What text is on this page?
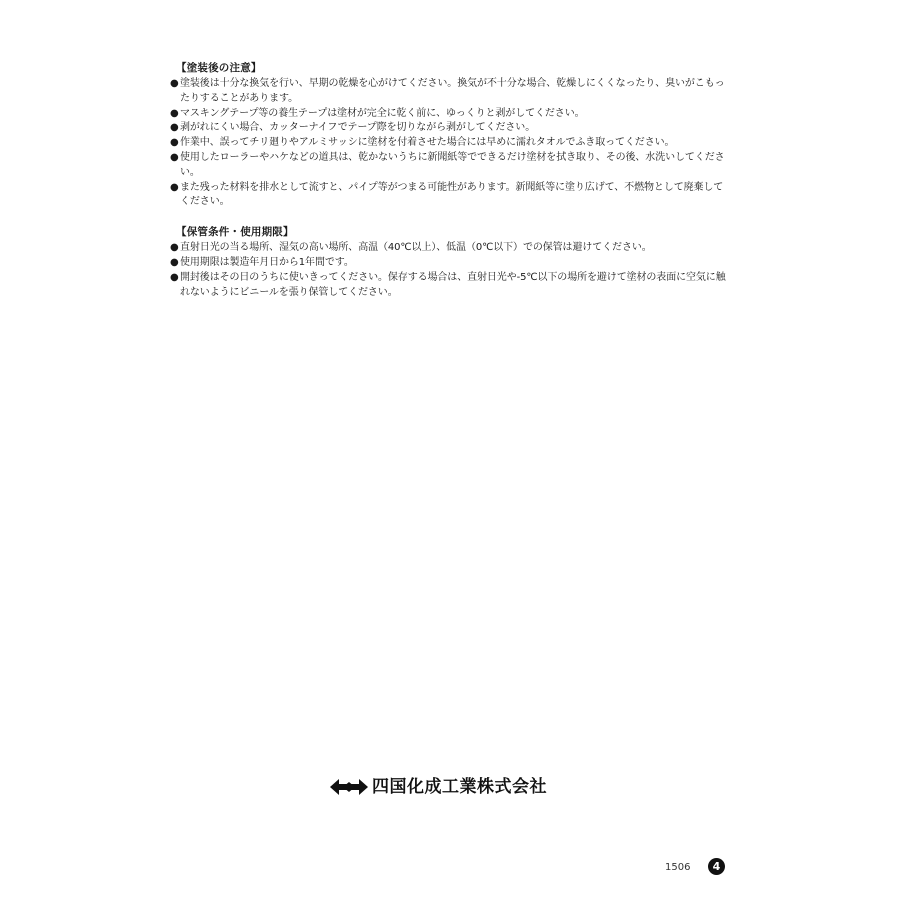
【塗装後の注意】
● 塗装後は十分な換気を行い、早期の乾燥を心がけてください。換気が不十分な場合、乾燥しにくくなったり、臭いがこもったりすることがあります。
● マスキングテープ等の養生テープは塗材が完全に乾く前に、ゆっくりと剥がしてください。
● 剥がれにくい場合、カッターナイフでテープ際を切りながら剥がしてください。
● 作業中、誤ってチリ廻りやアルミサッシに塗材を付着させた場合には早めに濡れタオルでふき取ってください。
● 使用したローラーやハケなどの道具は、乾かないうちに新聞紙等でできるだけ塗材を拭き取り、その後、水洗いしてください。
● また残った材料を排水として流すと、パイプ等がつまる可能性があります。新聞紙等に塗り広げて、不燃物として廃棄してください。
【保管条件・使用期限】
● 直射日光の当る場所、湿気の高い場所、高温（40℃以上）、低温（0℃以下）での保管は避けてください。
● 使用期限は製造年月日から1年間です。
● 開封後はその日のうちに使いきってください。保存する場合は、直射日光や-5℃以下の場所を避けて塗材の表面に空気に触れないようにビニールを張り保管してください。
四国化成工業株式会社
1506	4
